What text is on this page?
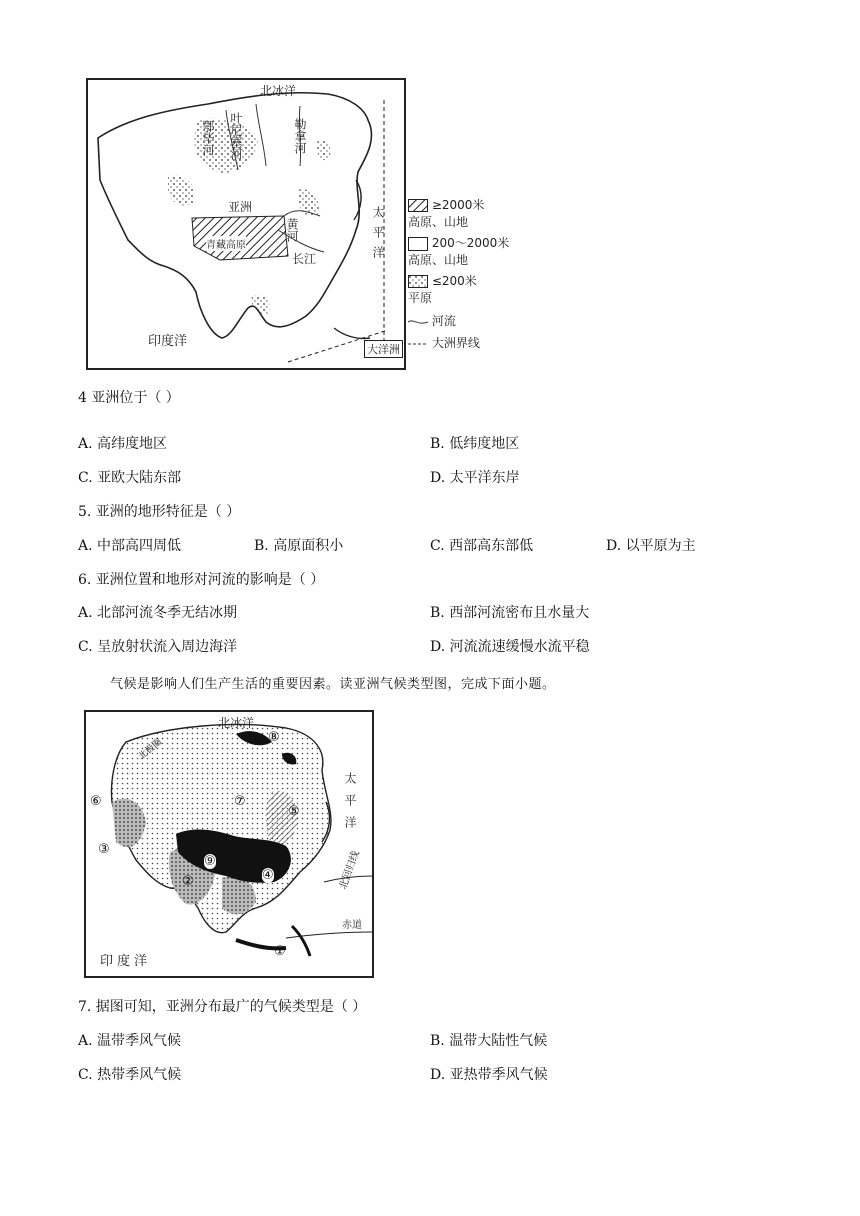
北冰洋
亚洲
青藏高原
长江
黄河
叶尼塞河	勒拿河
鄂毕河
太平洋
印度洋
大洋洲
≥2000米
高原、山地
200～2000米
高原、山地
≤200米
平原
河流
大洲界线
4 亚洲位于（ ）
A. 高纬度地区	B. 低纬度地区
C. 亚欧大陆东部	D. 太平洋东岸
5. 亚洲的地形特征是（ ）
A. 中部高四周低	B. 高原面积小	C. 西部高东部低	D. 以平原为主
6. 亚洲位置和地形对河流的影响是（ ）
A. 北部河流冬季无结冰期	B. 西部河流密布且水量大
C. 呈放射状流入周边海洋	D. 河流流速缓慢水流平稳
气候是影响人们生产生活的重要因素。读亚洲气候类型图，完成下面小题。
北冰洋
北极圈
太平洋
北回归线
赤道
印度洋
①
②
③
④
⑤
⑥	⑦
⑧
⑨
7. 据图可知，亚洲分布最广的气候类型是（ ）
A. 温带季风气候	B. 温带大陆性气候
C. 热带季风气候	D. 亚热带季风气候
